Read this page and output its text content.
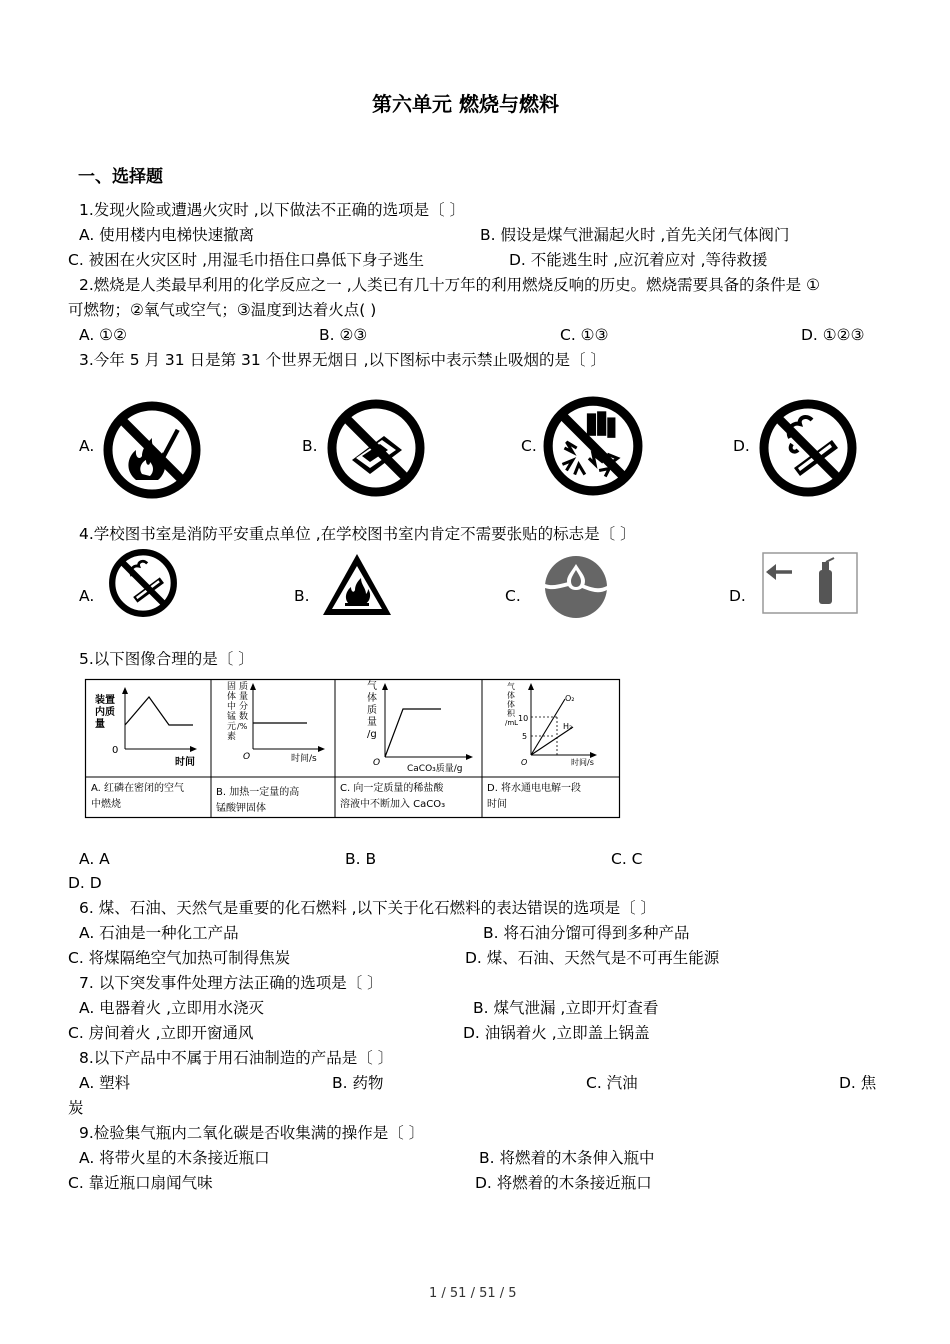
第六单元 燃烧与燃料
一、选择题
1.发现火险或遭遇火灾时 ,以下做法不正确的选项是〔 〕
A. 使用楼内电梯快速撤离	B. 假设是煤气泄漏起火时 ,首先关闭气体阀门
C. 被困在火灾区时 ,用湿毛巾捂住口鼻低下身子逃生	D. 不能逃生时 ,应沉着应对 ,等待救援
2.燃烧是人类最早利用的化学反应之一 ,人类已有几十万年的利用燃烧反响的历史。燃烧需要具备的条件是 ①
可燃物；②氧气或空气；③温度到达着火点( )
A. ①②	B. ②③	C. ①③	D. ①②③
3.今年 5 月 31 日是第 31 个世界无烟日 ,以下图标中表示禁止吸烟的是〔 〕
A.	B.	C.	D.
4.学校图书室是消防平安重点单位 ,在学校图书室内肯定不需要张贴的标志是〔 〕
A.	B.	C.	D.
5.以下图像合理的是〔 〕
装置
内质
量
0
时间
固
体
中
锰
元
素
质
量
分
数
/%
O	时间/s
气
体
质
量
/g
O
CaCO₃质量/g
气
体
体
积
/mL 10
5
O₂
H₂
O	时间/s
A. 红磷在密闭的空气
中燃烧
B. 加热一定量的高
锰酸钾固体
C. 向一定质量的稀盐酸
溶液中不断加入 CaCO₃
D. 将水通电电解一段
时间
A. A	B. B	C. C
D. D
6. 煤、石油、天然气是重要的化石燃料 ,以下关于化石燃料的表达错误的选项是〔 〕
A. 石油是一种化工产品	B. 将石油分馏可得到多种产品
C. 将煤隔绝空气加热可制得焦炭	D. 煤、石油、天然气是不可再生能源
7. 以下突发事件处理方法正确的选项是〔 〕
A. 电器着火 ,立即用水浇灭	B. 煤气泄漏 ,立即开灯查看
C. 房间着火 ,立即开窗通风	D. 油锅着火 ,立即盖上锅盖
8.以下产品中不属于用石油制造的产品是〔 〕
A. 塑料	B. 药物	C. 汽油	D. 焦
炭
9.检验集气瓶内二氧化碳是否收集满的操作是〔 〕
A. 将带火星的木条接近瓶口	B. 将燃着的木条伸入瓶中
C. 靠近瓶口扇闻气味	D. 将燃着的木条接近瓶口
1 / 51 / 51 / 5
